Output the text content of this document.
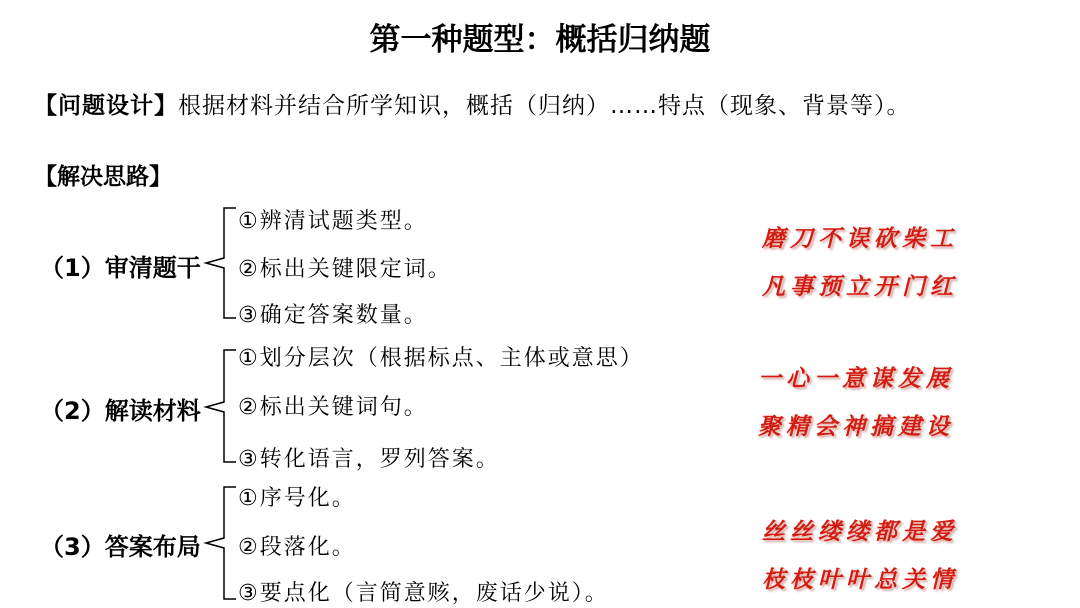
第一种题型：概括归纳题
【问题设计】根据材料并结合所学知识，概括（归纳）……特点（现象、背景等）。
【解决思路】
（1）审清题干
①辨清试题类型。
②标出关键限定词。
③确定答案数量。
磨刀不误砍柴工
凡事预立开门红
（2）解读材料
①划分层次（根据标点、主体或意思）
②标出关键词句。
③转化语言，罗列答案。
一心一意谋发展
聚精会神搞建设
（3）答案布局
①序号化。
②段落化。
③要点化（言简意赅，废话少说）。
丝丝缕缕都是爱
枝枝叶叶总关情
